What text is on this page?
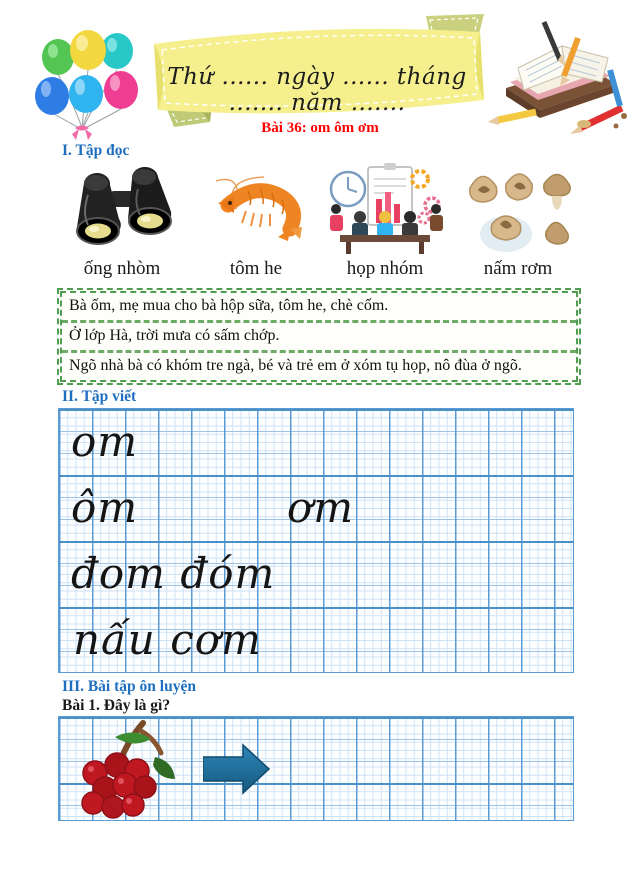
Thứ ...... ngày ...... tháng ....... năm .......
Bài 36: om ôm ơm
I. Tập đọc
ống nhòm	tôm he	họp nhóm	nấm rơm
Bà ốm, mẹ mua cho bà hộp sữa, tôm he, chè cốm.
Ở lớp Hà, trời mưa có sấm chớp.
Ngõ nhà bà có khóm tre ngà, bé và trẻ em ở xóm tụ họp, nô đùa ở ngõ.
II. Tập viết
om
ôm	ơm
đom đóm
nấu cơm
III. Bài tập ôn luyện
Bài 1. Đây là gì?
